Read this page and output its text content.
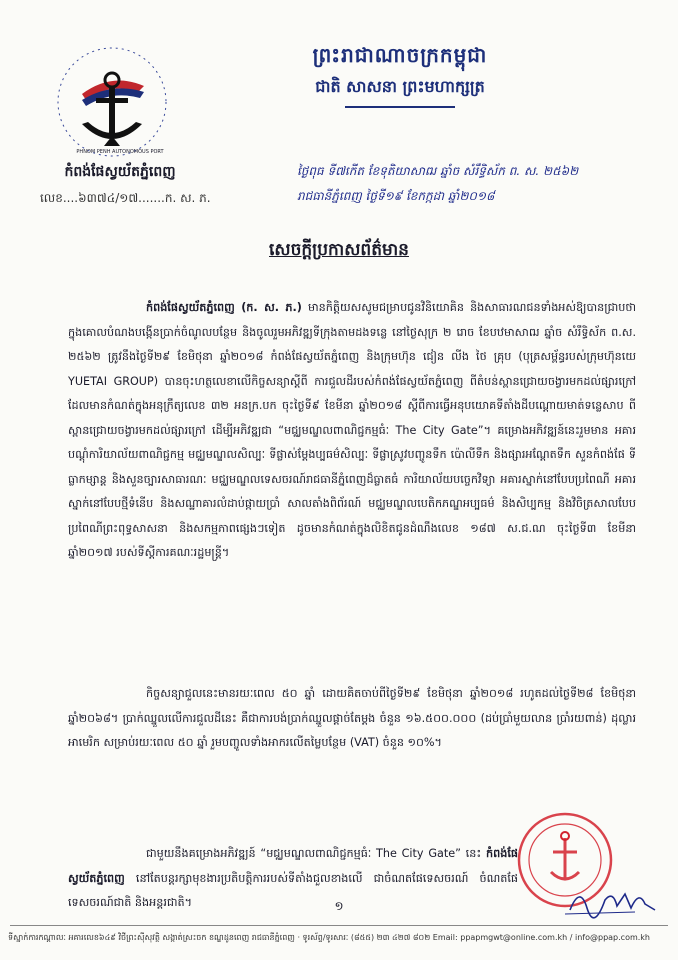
ព្រះរាជាណាចក្រកម្ពុជា
ជាតិ សាសនា ព្រះមហាក្សត្រ
កំពង់ផែស្វយ័តភ្នំពេញ
PHNOM PENH AUTONOMOUS PORT
លេខ....៦៣៧៤/១៧.......ក. ស. ភ.
ថ្ងៃពុធ ទី៧កើត ខែទុតិយាសាឍ ឆ្នាំច សំរឹទ្ធិស័ក ព. ស. ២៥៦២
រាជធានីភ្នំពេញ ថ្ងៃទី១៩ ខែកក្កដា ឆ្នាំ២០១៨
សេចក្តីប្រកាសព័ត៌មាន
កំពង់ផែស្វយ័តភ្នំពេញ (ក. ស. ភ.) មានកិត្តិយសសូមជម្រាបជូនវិនិយោគិន និងសាធារណជនទាំងអស់ឱ្យបានជ្រាបថា ក្នុងគោលបំណងបង្កើនប្រាក់ចំណូលបន្ថែម និងចូលរួមអភិវឌ្ឍទីក្រុងតាមដងទន្លេ នៅថ្ងៃសុក្រ ២ រោច ខែបឋមាសាឍ ឆ្នាំច សំរឹទ្ធិស័ក ព.ស. ២៥៦២ ត្រូវនឹងថ្ងៃទី២៩ ខែមិថុនា ឆ្នាំ២០១៨ កំពង់ផែស្វយ័តភ្នំពេញ និងក្រុមហ៊ុន ជៀន លីង ថៃ គ្រុប (បុត្រសម្ព័ន្ធរបស់ក្រុមហ៊ុនយេ YUETAI GROUP) បានចុះហត្ថលេខាលើកិច្ចសន្យាស្តីពី ការជួលដីរបស់កំពង់ផែស្វយ័តភ្នំពេញ ពីតំបន់ស្ពានជ្រោយចង្វារមកដល់ផ្សារក្រៅ ដែលមានកំណត់ក្នុងអនុក្រឹត្យលេខ ៣២ អនក្រ.បក ចុះថ្ងៃទី៩ ខែមីនា ឆ្នាំ២០១៨ ស្តីពីការធ្វើអនុបយោគទីតាំងដីបណ្តោយមាត់ទន្លេសាប ពីស្ពានជ្រោយចង្វារមកដល់ផ្សារក្រៅ ដើម្បីអភិវឌ្ឍជា “មជ្ឈមណ្ឌលពាណិជ្ជកម្មធំៈ The City Gate”។ គម្រោងអភិវឌ្ឍន៍នេះរួមមាន អគារបណ្តុំការិយាល័យពាណិជ្ជកម្ម មជ្ឈមណ្ឌលសិល្បៈ ទីផ្លាស់ម្តែងប្បធម៌សិល្បៈ ទីផ្លាស្រូវបញ្ចូនទឹក ប៉ោលីទឹក និងផ្សារអណ្តែតទឹក សួនកំពង់ផែ ទីធ្លាកម្សាន្ត និងសួនច្បារសាធារណៈ មជ្ឈមណ្ឌលទេសចរណ៍រាជធានីភ្នំពេញដ៏ធ្លាតធំ ការិយាល័យបច្ចេកវិទ្យា អគារស្នាក់នៅបែបប្រពៃណី អគារស្នាក់នៅបែបថ្មីទំនើប និងសណ្ឋាគារលំដាប់ផ្កាយប្រាំ សាលតាំងពិព័រណ៍ មជ្ឈមណ្ឌលបេតិកភណ្ឌអប្បធម៌ និងសិប្បកម្ម និងវិចិត្រសាលបែបប្រពៃណីព្រះពុទ្ធសាសនា និងសកម្មភាពផ្សេងៗទៀត ដូចមានកំណត់ក្នុងលិខិតជូនដំណឹងលេខ ១៨៧ ស.ជ.ណ ចុះថ្ងៃទី៣ ខែមីនា ឆ្នាំ២០១៧ របស់ទីស្តីការគណៈរដ្ឋមន្ត្រី។
កិច្ចសន្យាជួលនេះមានរយៈពេល ៥០ ឆ្នាំ ដោយគិតចាប់ពីថ្ងៃទី២៩ ខែមិថុនា ឆ្នាំ២០១៨ រហូតដល់ថ្ងៃទី២៨ ខែមិថុនា ឆ្នាំ២០៦៨។ ប្រាក់ឈ្នួលលើការជួលដីនេះ គឺជាការបង់ប្រាក់ឈ្នួលផ្តាច់តែម្តង ចំនួន ១៦.៥០០.០០០ (ដប់ប្រាំមួយលាន ប្រាំរយពាន់) ដុល្លារអាមេរិក សម្រាប់រយៈពេល ៥០ ឆ្នាំ រួមបញ្ចូលទាំងអាករលើតម្លៃបន្ថែម (VAT) ចំនួន ១០%។
ជាមួយនឹងគម្រោងអភិវឌ្ឍន៍ “មជ្ឈមណ្ឌលពាណិជ្ជកម្មធំៈ The City Gate” នេះ កំពង់ផែស្វយ័តភ្នំពេញ នៅតែបន្តរក្សាមុខងារប្រតិបត្តិការរបស់ទីតាំងជួលខាងលើ ជាចំណតផែទេសចរណ៍ ចំណតផែទេសចរណ៍ជាតិ និងអន្តរជាតិ។	១
ទីស្នាក់ការកណ្តាលៈ អគារលេខ៦៤៩ វិថីព្រះស៊ីសុវត្ថិ សង្កាត់ស្រះចក ខណ្ឌដូនពេញ រាជធានីភ្នំពេញ · ទូរស័ព្ទ/ទូរសារៈ (៨៥៥) ២៣ ៤២៧ ៨០២ Email: ppapmgwt@online.com.kh / info@ppap.com.kh
